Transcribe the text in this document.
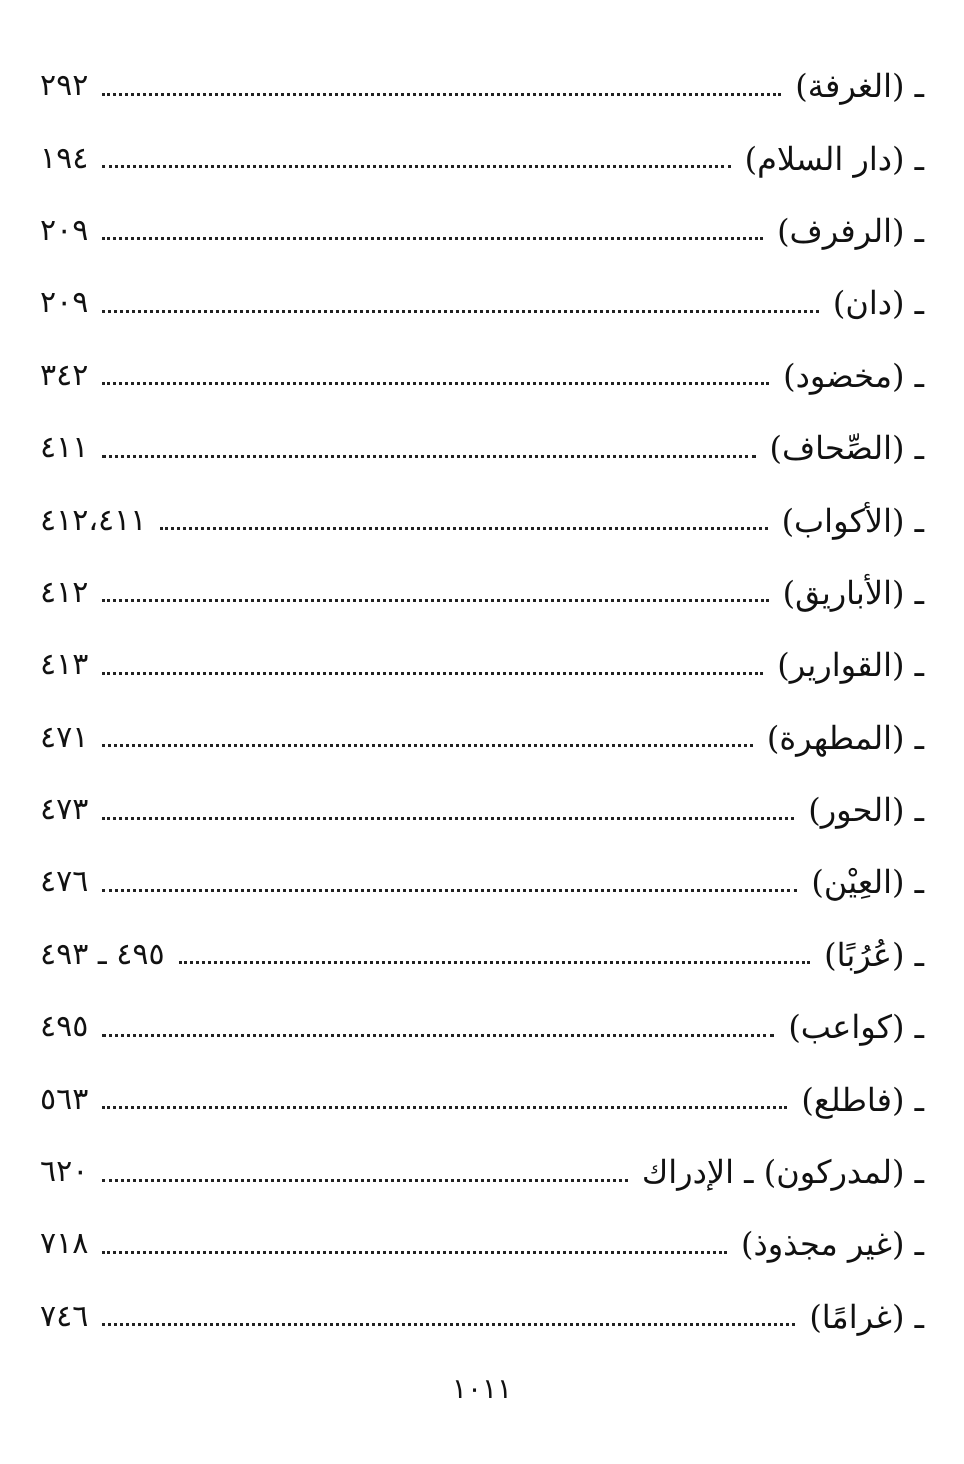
ـ (الغرفة)
٢٩٢
ـ (دار السلام)
١٩٤
ـ (الرفرف)
٢٠٩
ـ (دان)
٢٠٩
ـ (مخضود)
٣٤٢
ـ (الصِّحاف)
٤١١
ـ (الأكواب)
٤١٢،٤١١
ـ (الأباريق)
٤١٢
ـ (القوارير)
٤١٣
ـ (المطهرة)
٤٧١
ـ (الحور)
٤٧٣
ـ (العِيْن)
٤٧٦
ـ (عُرُبًا)
٤٩٥ ـ ٤٩٣
ـ (كواعب)
٤٩٥
ـ (فاطلع)
٥٦٣
ـ (لمدركون) ـ الإدراك
٦٢٠
ـ (غير مجذوذ)
٧١٨
ـ (غرامًا)
٧٤٦
١٠١١
